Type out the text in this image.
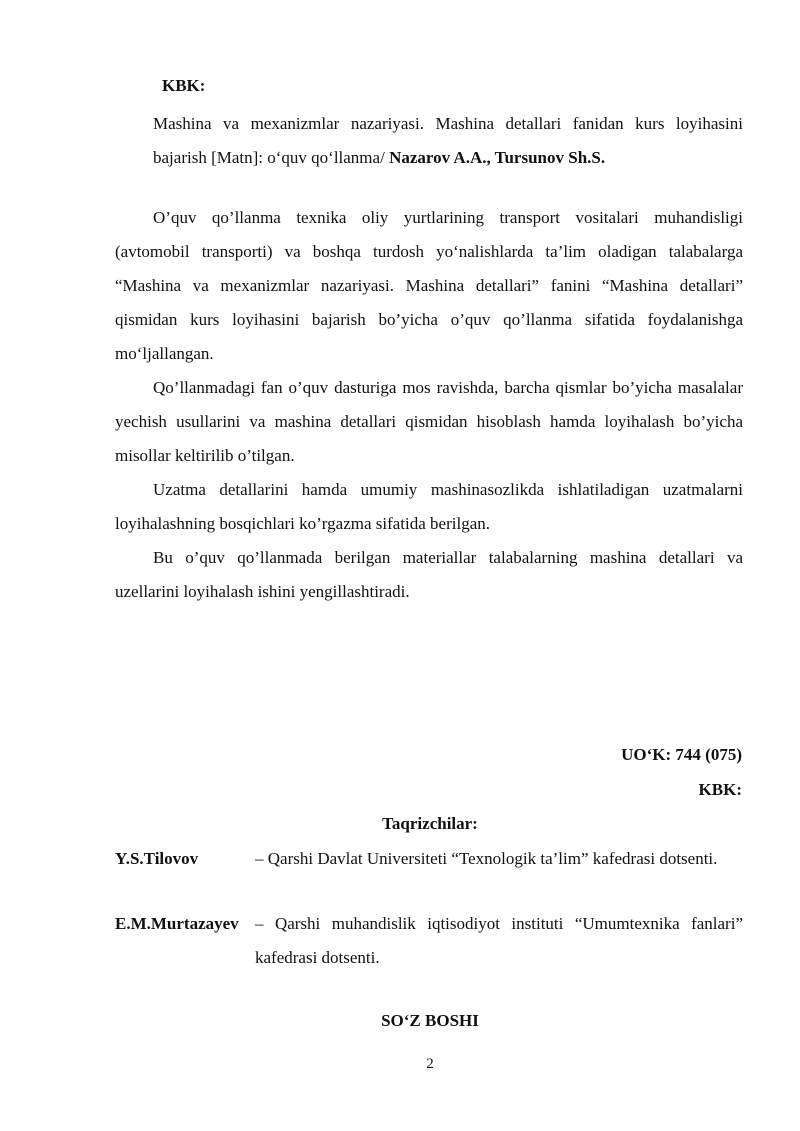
KBK:
Mashina va mexanizmlar nazariyasi. Mashina detallari fanidan kurs loyihasini bajarish [Matn]: o‘quv qo‘llanma/ Nazarov A.A., Tursunov Sh.S.

O’quv qo’llanma texnika oliy yurtlarining transport vositalari muhandisligi (avtomobil transporti) va boshqa turdosh yo‘nalishlarda ta’lim oladigan talabalarga “Mashina va mexanizmlar nazariyasi. Mashina detallari” fanini “Mashina detallari” qismidan kurs loyihasini bajarish bo’yicha o’quv qo’llanma sifatida foydalanishga mo‘ljallangan.

Qo’llanmadagi fan o’quv dasturiga mos ravishda, barcha qismlar bo’yicha masalalar yechish usullarini va mashina detallari qismidan hisoblash hamda loyihalash bo’yicha misollar keltirilib o’tilgan.

Uzatma detallarini hamda umumiy mashinasozlikda ishlatiladigan uzatmalarni loyihalashning bosqichlari ko’rgazma sifatida berilgan.

Bu o’quv qo’llanmada berilgan materiallar talabalarning mashina detallari va uzellarini loyihalash ishini yengillashtiradi.

UO‘K: 744 (075)
KBK:
Taqrizchilar:
Y.S.Tilovov	– Qarshi Davlat Universiteti “Texnologik ta’lim” kafedrasi dotsenti.
E.M.Murtazayev – Qarshi muhandislik iqtisodiyot instituti “Umumtexnika fanlari” kafedrasi dotsenti.
SO‘Z BOSHI
2
